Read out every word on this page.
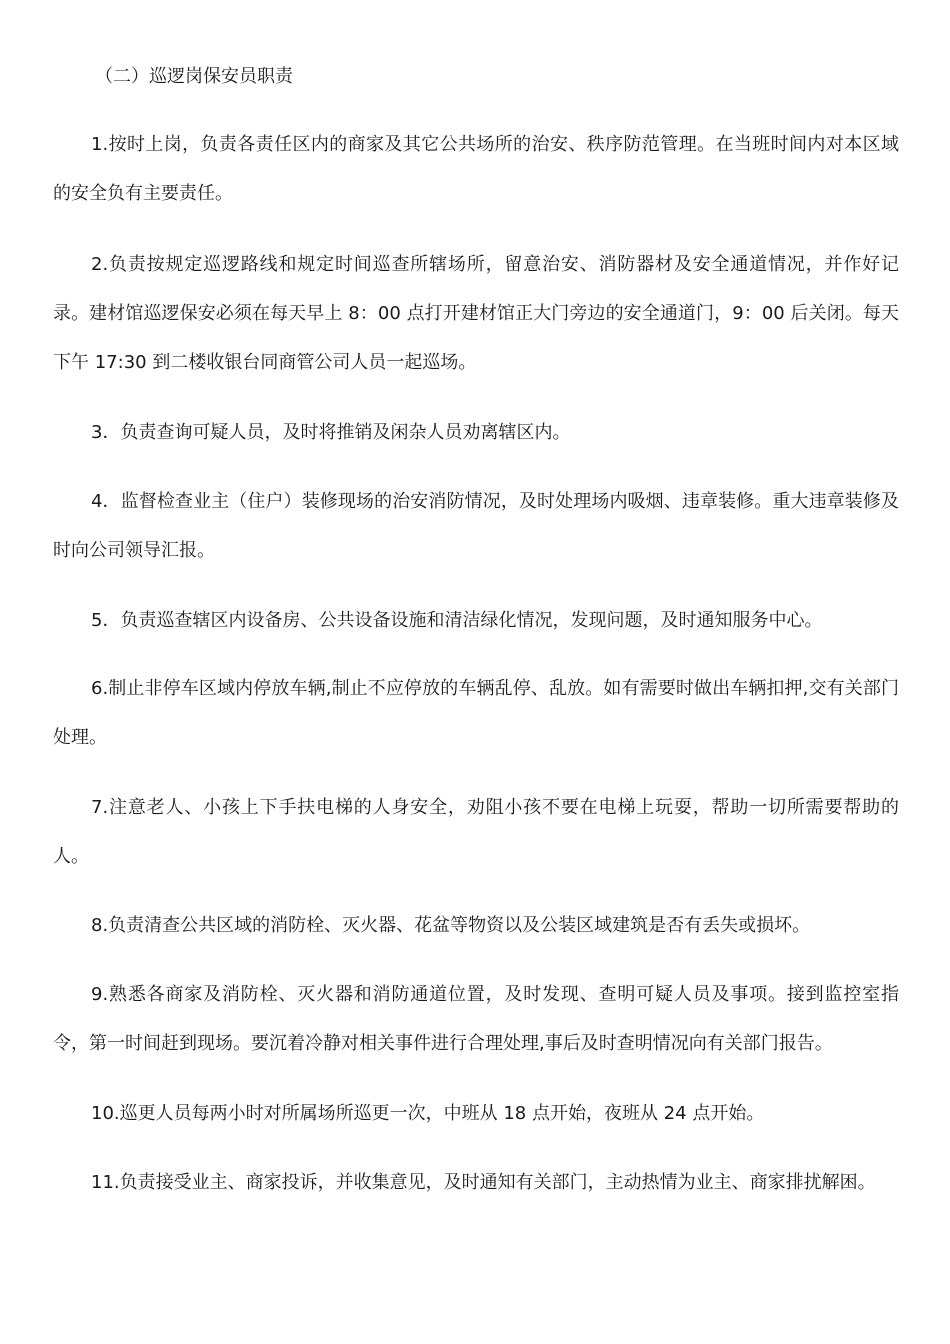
（二）巡逻岗保安员职责

1.按时上岗，负责各责任区内的商家及其它公共场所的治安、秩序防范管理。在当班时间内对本区域的安全负有主要责任。

2.负责按规定巡逻路线和规定时间巡查所辖场所，留意治安、消防器材及安全通道情况，并作好记录。建材馆巡逻保安必须在每天早上 8：00 点打开建材馆正大门旁边的安全通道门，9：00 后关闭。每天下午 17:30 到二楼收银台同商管公司人员一起巡场。

3．负责查询可疑人员，及时将推销及闲杂人员劝离辖区内。

4．监督检查业主（住户）装修现场的治安消防情况，及时处理场内吸烟、违章装修。重大违章装修及时向公司领导汇报。

5．负责巡查辖区内设备房、公共设备设施和清洁绿化情况，发现问题，及时通知服务中心。

6.制止非停车区域内停放车辆,制止不应停放的车辆乱停、乱放。如有需要时做出车辆扣押,交有关部门处理。

7.注意老人、小孩上下手扶电梯的人身安全，劝阻小孩不要在电梯上玩耍，帮助一切所需要帮助的人。

8.负责清查公共区域的消防栓、灭火器、花盆等物资以及公装区域建筑是否有丢失或损坏。

9.熟悉各商家及消防栓、灭火器和消防通道位置，及时发现、查明可疑人员及事项。接到监控室指令，第一时间赶到现场。要沉着冷静对相关事件进行合理处理,事后及时查明情况向有关部门报告。

10.巡更人员每两小时对所属场所巡更一次，中班从 18 点开始，夜班从 24 点开始。

11.负责接受业主、商家投诉，并收集意见，及时通知有关部门，主动热情为业主、商家排扰解困。
